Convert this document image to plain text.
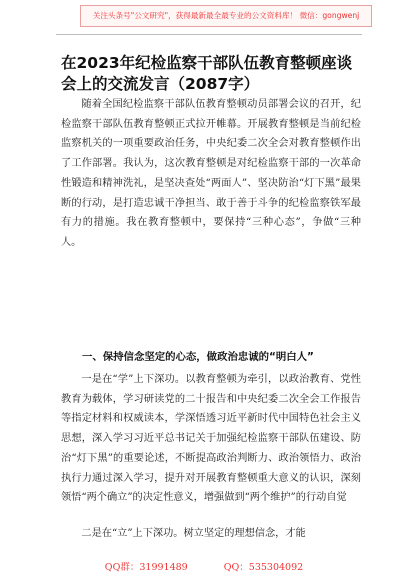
关注头条号"公文研究"，获得最新最全最专业的公文资料库！ 微信：gongwenj
在2023年纪检监察干部队伍教育整顿座谈会上的交流发言（2087字）

随着全国纪检监察干部队伍教育整顿动员部署会议的召开，纪检监察干部队伍教育整顿正式拉开帷幕。开展教育整顿是当前纪检监察机关的一项重要政治任务，中央纪委二次全会对教育整顿作出了工作部署。我认为，这次教育整顿是对纪检监察干部的一次革命性锻造和精神洗礼，是坚决查处“两面人”、坚决防治“灯下黑”最果断的行动，是打造忠诚干净担当、敢于善于斗争的纪检监察铁军最有力的措施。我在教育整顿中，要保持“三种心态”，争做“三种人。

一、保持信念坚定的心态，做政治忠诚的“明白人”

一是在“学”上下深功。以教育整顿为牵引，以政治教育、党性教育为载体，学习研读党的二十报告和中央纪委二次全会工作报告等指定材料和权威读本，学深悟透习近平新时代中国特色社会主义思想，深入学习习近平总书记关于加强纪检监察干部队伍建设、防治“灯下黑”的重要论述，不断提高政治判断力、政治领悟力、政治执行力通过深入学习，提升对开展教育整顿重大意义的认识，深刻领悟“两个确立”的决定性意义，增强做到“两个维护”的行动自觉

二是在“立”上下深功。树立坚定的理想信念，才能

QQ群：31991489	QQ：535304092
